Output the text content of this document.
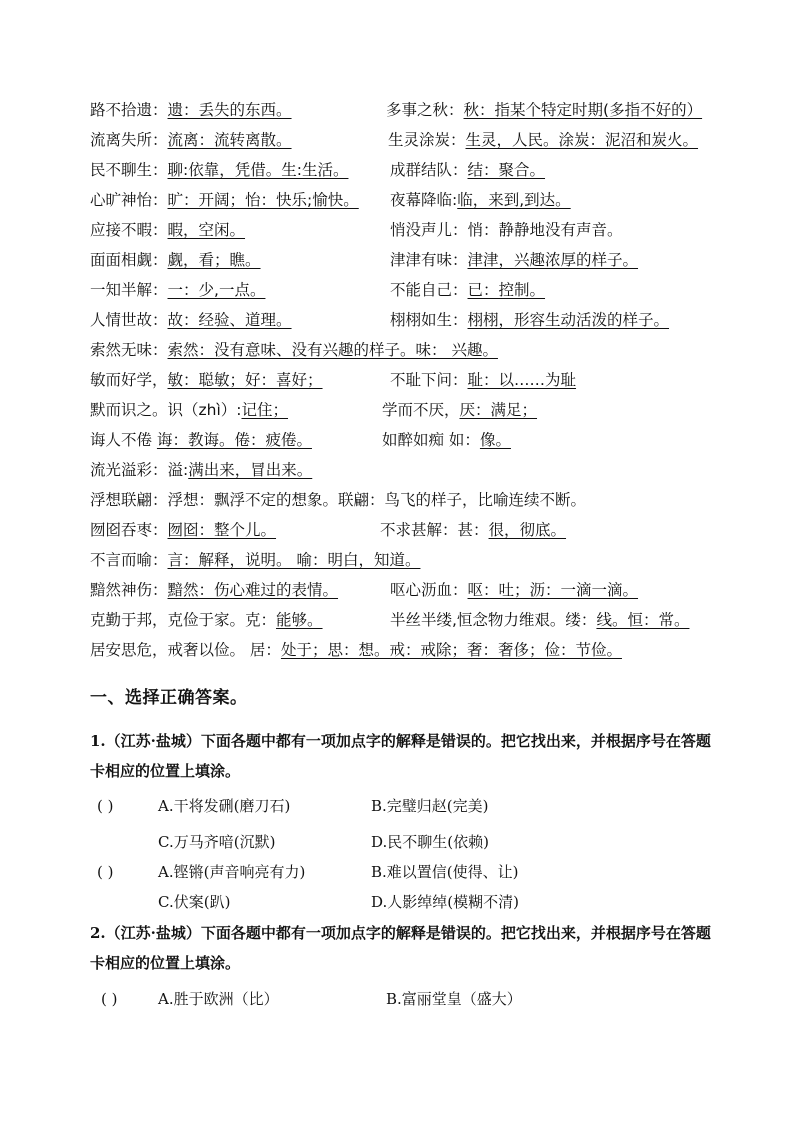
路不拾遗：遗：丢失的东西。	多事之秋：秋：指某个特定时期(多指不好的）
流离失所：流离：流转离散。	生灵涂炭：生灵，人民。涂炭：泥沼和炭火。
民不聊生：聊:依靠，凭借。生:生活。	成群结队：结：聚合。
心旷神怡：旷：开阔；怡：快乐;愉快。 夜幕降临:临，来到,到达。
应接不暇：暇，空闲。	悄没声儿：悄：静静地没有声音。
面面相觑：觑，看；瞧。	津津有味：津津，兴趣浓厚的样子。
一知半解：一：少,一点。	不能自己：已：控制。
人情世故：故：经验、道理。	栩栩如生：栩栩，形容生动活泼的样子。
索然无味：索然：没有意味、没有兴趣的样子。味： 兴趣。
敏而好学，敏：聪敏；好：喜好；	不耻下问：耻：以……为耻
默而识之。识（zhì）:记住；	学而不厌，厌：满足；
诲人不倦 诲：教诲。倦：疲倦。	如醉如痴 如：像。
流光溢彩：溢:满出来，冒出来。
浮想联翩：浮想：飘浮不定的想象。联翩：鸟飞的样子，比喻连续不断。
囫囵吞枣：囫囵：整个儿。	不求甚解：甚：很，彻底。
不言而喻：言：解释，说明。 喻：明白，知道。
黯然神伤：黯然：伤心难过的表情。	呕心沥血：呕：吐；沥：一滴一滴。
克勤于邦，克俭于家。克：能够。	半丝半缕,恒念物力维艰。缕：线。恒：常。
居安思危，戒奢以俭。 居：处于；思：想。戒：戒除；奢：奢侈；俭：节俭。
一、选择正确答案。
1.（江苏·盐城）下面各题中都有一项加点字的解释是错误的。把它找出来，并根据序号在答题卡相应的位置上填涂。
( )	A.干将发硎(磨刀石)	B.完璧归赵(完美)
C.万马齐喑(沉默)	D.民不聊生(依赖)
( )	A.铿锵(声音响亮有力)	B.难以置信(使得、让)
C.伏案(趴)	D.人影绰绰(模糊不清)
2.（江苏·盐城）下面各题中都有一项加点字的解释是错误的。把它找出来，并根据序号在答题卡相应的位置上填涂。
( )	A.胜于欧洲（比）	B.富丽堂皇（盛大）
